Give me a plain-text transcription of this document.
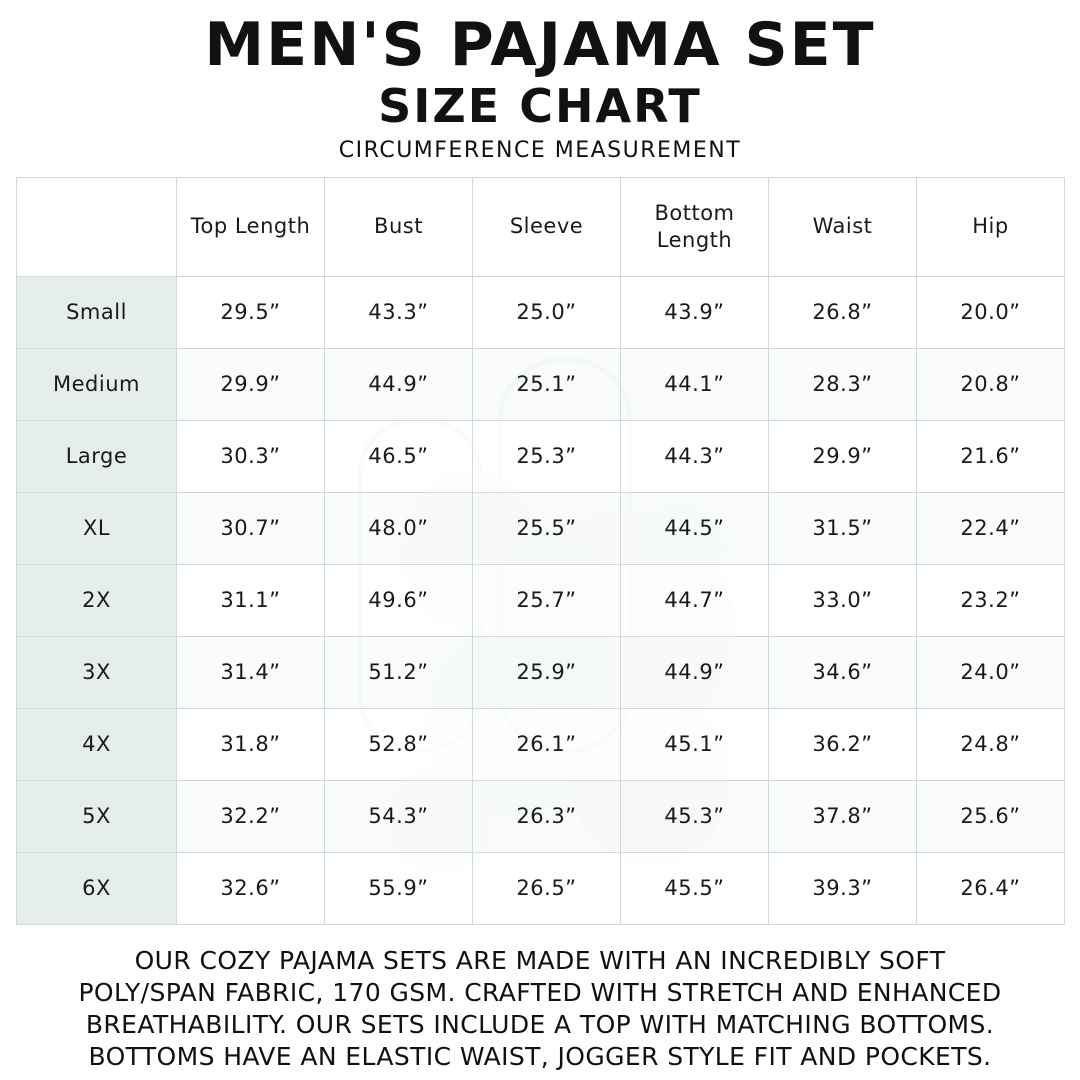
MEN'S PAJAMA SET
SIZE CHART

CIRCUMFERENCE MEASUREMENT

	Top Length	Bust	Sleeve	Bottom Length	Waist	Hip
Small	29.5”	43.3”	25.0”	43.9”	26.8”	20.0”
Medium	29.9”	44.9”	25.1”	44.1”	28.3”	20.8”
Large	30.3”	46.5”	25.3”	44.3”	29.9”	21.6”
XL	30.7”	48.0”	25.5”	44.5”	31.5”	22.4”
2X	31.1”	49.6”	25.7”	44.7”	33.0”	23.2”
3X	31.4”	51.2”	25.9”	44.9”	34.6”	24.0”
4X	31.8”	52.8”	26.1”	45.1”	36.2”	24.8”
5X	32.2”	54.3”	26.3”	45.3”	37.8”	25.6”
6X	32.6”	55.9”	26.5”	45.5”	39.3”	26.4”

OUR COZY PAJAMA SETS ARE MADE WITH AN INCREDIBLY SOFT

POLY/SPAN FABRIC, 170 GSM. CRAFTED WITH STRETCH AND ENHANCED

BREATHABILITY. OUR SETS INCLUDE A TOP WITH MATCHING BOTTOMS.

BOTTOMS HAVE AN ELASTIC WAIST, JOGGER STYLE FIT AND POCKETS.
